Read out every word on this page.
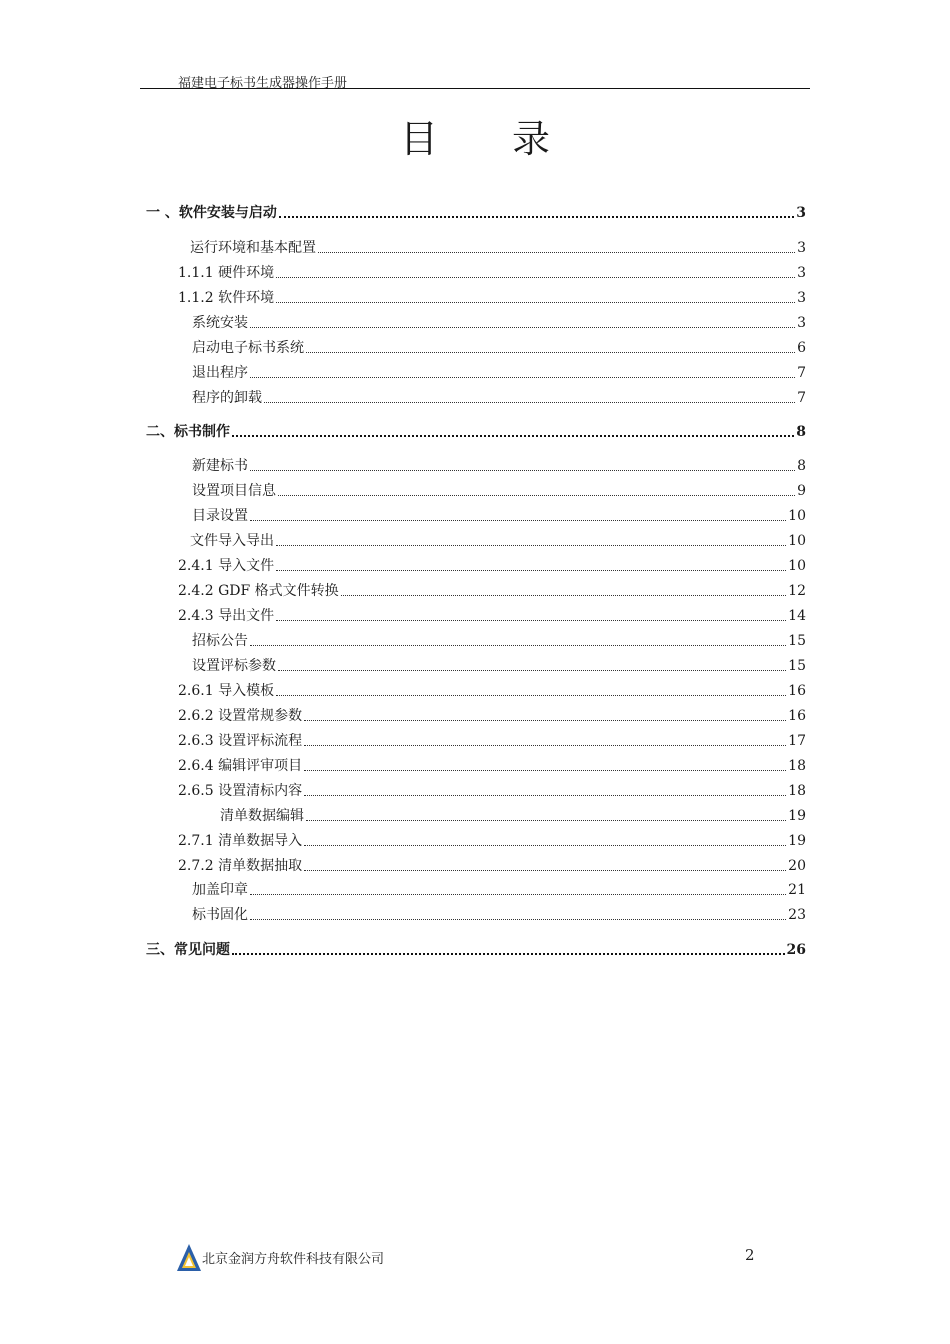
福建电子标书生成器操作手册
目录
一 、软件安装与启动	3
运行环境和基本配置	3
1.1.1 硬件环境	3
1.1.2 软件环境	3
系统安装	3
启动电子标书系统	6
退出程序	7
程序的卸载	7
二、标书制作	8
新建标书	8
设置项目信息	9
目录设置	10
文件导入导出	10
2.4.1 导入文件	10
2.4.2 GDF 格式文件转换	12
2.4.3 导出文件	14
招标公告	15
设置评标参数	15
2.6.1 导入模板	16
2.6.2 设置常规参数	16
2.6.3 设置评标流程	17
2.6.4 编辑评审项目	18
2.6.5 设置清标内容	18
清单数据编辑	19
2.7.1 清单数据导入	19
2.7.2 清单数据抽取	20
加盖印章	21
标书固化	23
三、常见问题	26
北京金润方舟软件科技有限公司	2
